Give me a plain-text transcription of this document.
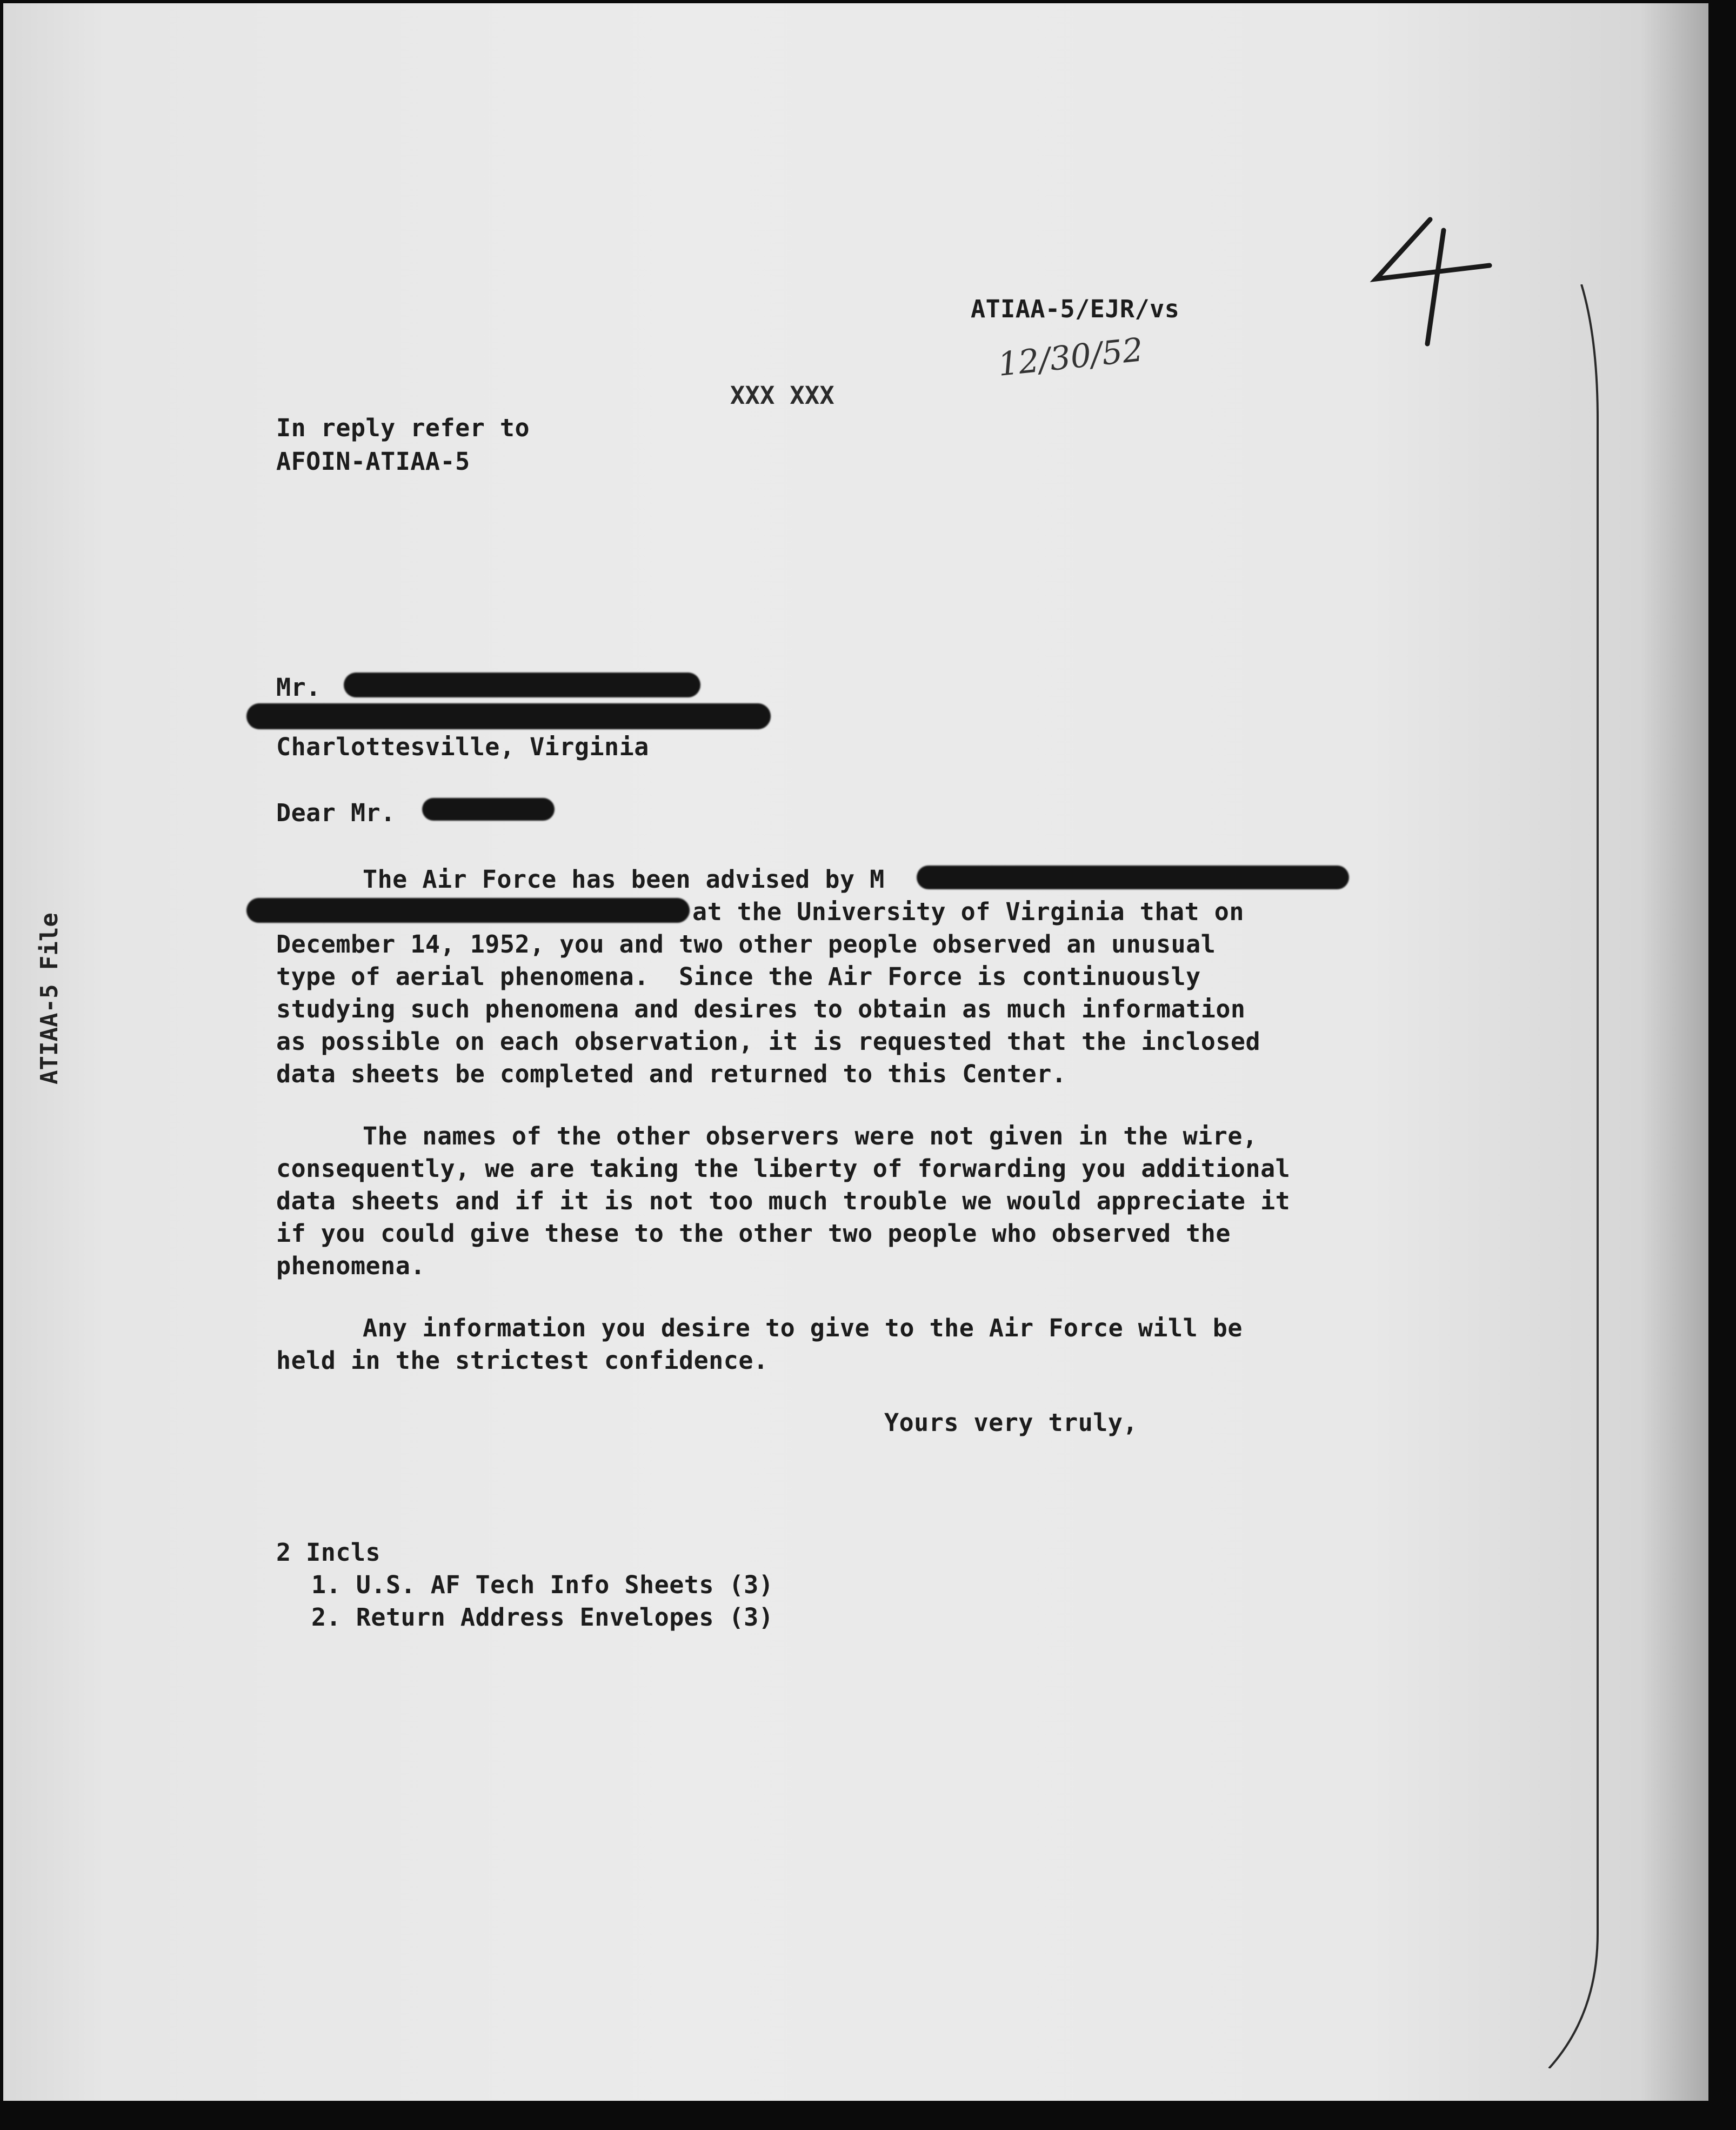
ATIAA-5/EJR/vs

12/30/52

XXX XXX

In reply refer to

AFOIN-ATIAA-5

Mr.

Charlottesville, Virginia

Dear Mr.

The Air Force has been advised by M

at the University of Virginia that on

December 14, 1952, you and two other people observed an unusual

type of aerial phenomena.  Since the Air Force is continuously

studying such phenomena and desires to obtain as much information

as possible on each observation, it is requested that the inclosed

data sheets be completed and returned to this Center.

The names of the other observers were not given in the wire,

consequently, we are taking the liberty of forwarding you additional

data sheets and if it is not too much trouble we would appreciate it

if you could give these to the other two people who observed the

phenomena.

Any information you desire to give to the Air Force will be

held in the strictest confidence.

Yours very truly,

2 Incls

1. U.S. AF Tech Info Sheets (3)

2. Return Address Envelopes (3)

ATIAA-5 File
